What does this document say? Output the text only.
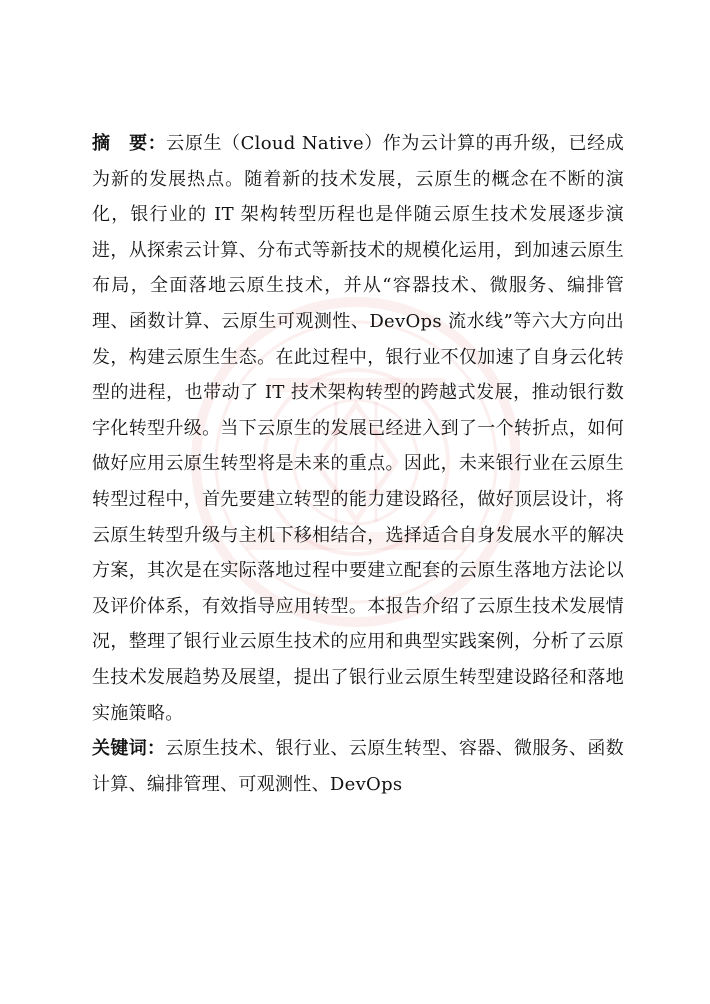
摘　要：云原生（Cloud Native）作为云计算的再升级，已经成为新的发展热点。随着新的技术发展，云原生的概念在不断的演化，银行业的 IT 架构转型历程也是伴随云原生技术发展逐步演进，从探索云计算、分布式等新技术的规模化运用，到加速云原生布局，全面落地云原生技术，并从“容器技术、微服务、编排管理、函数计算、云原生可观测性、DevOps 流水线”等六大方向出发，构建云原生生态。在此过程中，银行业不仅加速了自身云化转型的进程，也带动了 IT 技术架构转型的跨越式发展，推动银行数字化转型升级。当下云原生的发展已经进入到了一个转折点，如何做好应用云原生转型将是未来的重点。因此，未来银行业在云原生转型过程中，首先要建立转型的能力建设路径，做好顶层设计，将云原生转型升级与主机下移相结合，选择适合自身发展水平的解决方案，其次是在实际落地过程中要建立配套的云原生落地方法论以及评价体系，有效指导应用转型。本报告介绍了云原生技术发展情况，整理了银行业云原生技术的应用和典型实践案例，分析了云原生技术发展趋势及展望，提出了银行业云原生转型建设路径和落地实施策略。

关键词：云原生技术、银行业、云原生转型、容器、微服务、函数计算、编排管理、可观测性、DevOps
